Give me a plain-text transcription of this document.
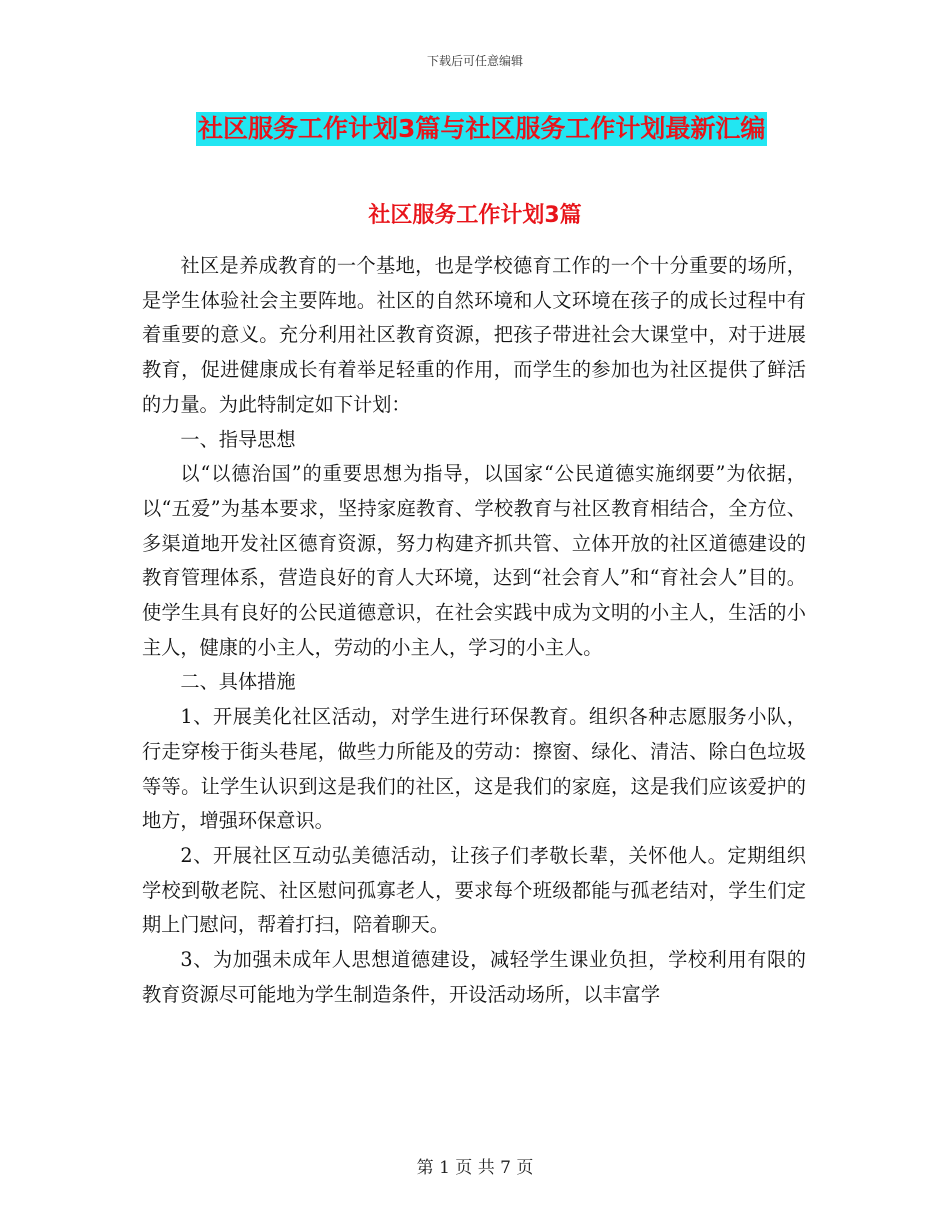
下载后可任意编辑
社区服务工作计划3篇与社区服务工作计划最新汇编
社区服务工作计划3篇

社区是养成教育的一个基地，也是学校德育工作的一个十分重要的场所，是学生体验社会主要阵地。社区的自然环境和人文环境在孩子的成长过程中有着重要的意义。充分利用社区教育资源，把孩子带进社会大课堂中，对于进展教育，促进健康成长有着举足轻重的作用，而学生的参加也为社区提供了鲜活的力量。为此特制定如下计划：

一、指导思想

以“以德治国”的重要思想为指导，以国家“公民道德实施纲要”为依据，以“五爱”为基本要求，坚持家庭教育、学校教育与社区教育相结合，全方位、多渠道地开发社区德育资源，努力构建齐抓共管、立体开放的社区道德建设的教育管理体系，营造良好的育人大环境，达到“社会育人”和“育社会人”目的。使学生具有良好的公民道德意识，在社会实践中成为文明的小主人，生活的小主人，健康的小主人，劳动的小主人，学习的小主人。

二、具体措施

1、开展美化社区活动，对学生进行环保教育。组织各种志愿服务小队，行走穿梭于街头巷尾，做些力所能及的劳动：擦窗、绿化、清洁、除白色垃圾等等。让学生认识到这是我们的社区，这是我们的家庭，这是我们应该爱护的地方，增强环保意识。

2、开展社区互动弘美德活动，让孩子们孝敬长辈，关怀他人。定期组织学校到敬老院、社区慰问孤寡老人，要求每个班级都能与孤老结对，学生们定期上门慰问，帮着打扫，陪着聊天。

3、为加强未成年人思想道德建设，减轻学生课业负担，学校利用有限的教育资源尽可能地为学生制造条件，开设活动场所，以丰富学

第 1 页 共 7 页
